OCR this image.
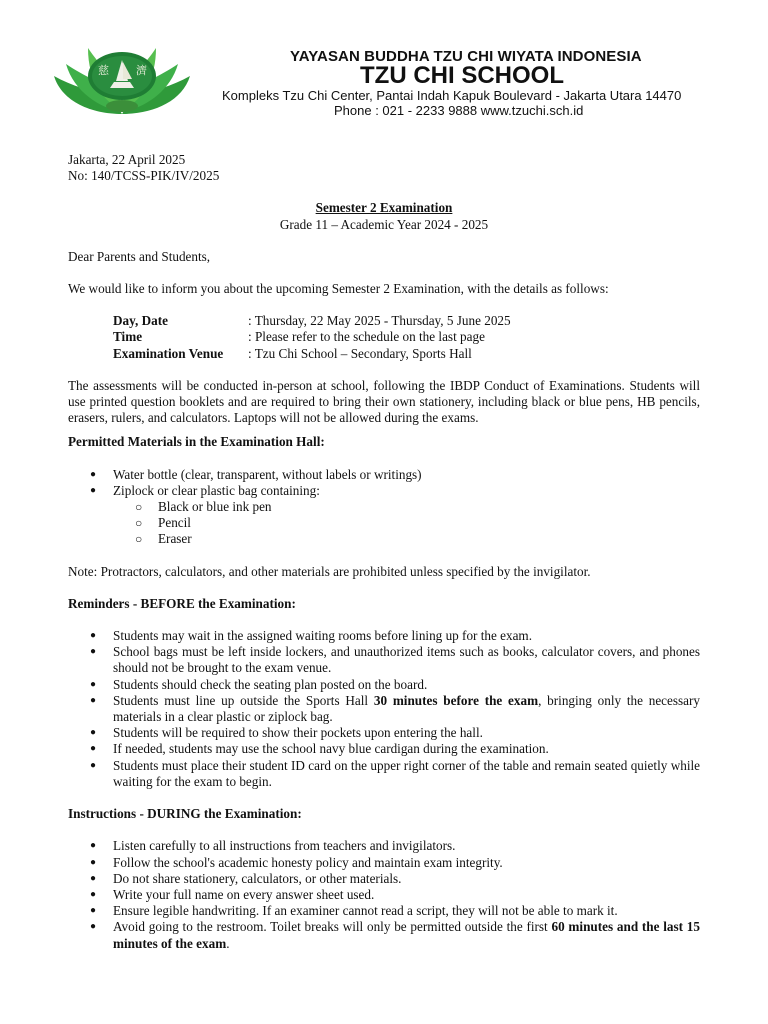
慈 濟
YAYASAN BUDDHA TZU CHI WIYATA INDONESIA
TZU CHI SCHOOL
Kompleks Tzu Chi Center, Pantai Indah Kapuk Boulevard - Jakarta Utara 14470
Phone : 021 - 2233 9888 www.tzuchi.sch.id
Jakarta, 22 April 2025
No: 140/TCSS-PIK/IV/2025
Semester 2 Examination
Grade 11 – Academic Year 2024 - 2025
Dear Parents and Students,
We would like to inform you about the upcoming Semester 2 Examination, with the details as follows:
Day, Date	: Thursday, 22 May 2025 - Thursday, 5 June 2025
Time	: Please refer to the schedule on the last page
Examination Venue	: Tzu Chi School – Secondary, Sports Hall
The assessments will be conducted in-person at school, following the IBDP Conduct of Examinations. Students will use printed question booklets and are required to bring their own stationery, including black or blue pens, HB pencils, erasers, rulers, and calculators. Laptops will not be allowed during the exams.
Permitted Materials in the Examination Hall:
● Water bottle (clear, transparent, without labels or writings)
● Ziplock or clear plastic bag containing:
○ Black or blue ink pen
○ Pencil
○ Eraser
Note: Protractors, calculators, and other materials are prohibited unless specified by the invigilator.
Reminders - BEFORE the Examination:
● Students may wait in the assigned waiting rooms before lining up for the exam.
● School bags must be left inside lockers, and unauthorized items such as books, calculator covers, and phones should not be brought to the exam venue.
● Students should check the seating plan posted on the board.
● Students must line up outside the Sports Hall 30 minutes before the exam, bringing only the necessary materials in a clear plastic or ziplock bag.
● Students will be required to show their pockets upon entering the hall.
● If needed, students may use the school navy blue cardigan during the examination.
● Students must place their student ID card on the upper right corner of the table and remain seated quietly while waiting for the exam to begin.
Instructions - DURING the Examination:
● Listen carefully to all instructions from teachers and invigilators.
● Follow the school's academic honesty policy and maintain exam integrity.
● Do not share stationery, calculators, or other materials.
● Write your full name on every answer sheet used.
● Ensure legible handwriting. If an examiner cannot read a script, they will not be able to mark it.
● Avoid going to the restroom. Toilet breaks will only be permitted outside the first 60 minutes and the last 15 minutes of the exam.
